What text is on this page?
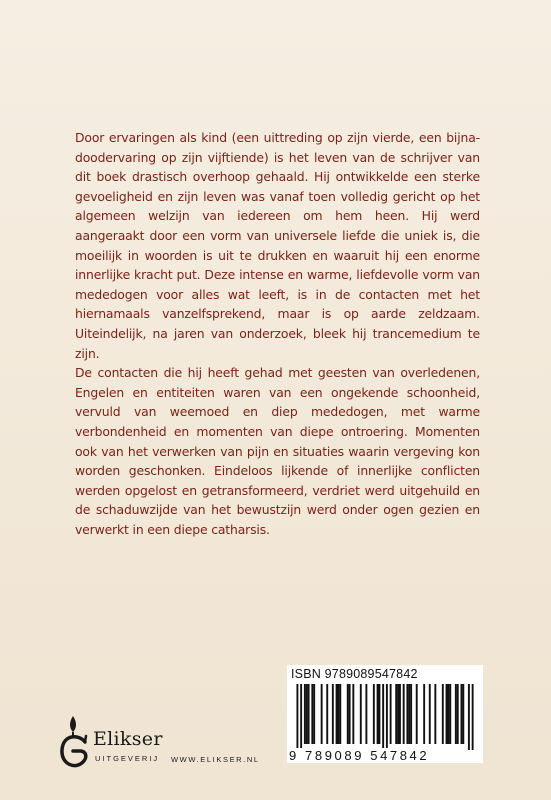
Door ervaringen als kind (een uittreding op zijn vierde, een bijna-doodervaring op zijn vijftiende) is het leven van de schrijver van dit boek drastisch overhoop gehaald. Hij ontwikkelde een sterke gevoeligheid en zijn leven was vanaf toen volledig gericht op het algemeen welzijn van iedereen om hem heen. Hij werd aangeraakt door een vorm van universele liefde die uniek is, die moeilijk in woorden is uit te drukken en waaruit hij een enorme innerlijke kracht put. Deze intense en warme, liefdevolle vorm van mededogen voor alles wat leeft, is in de contacten met het hiernamaals vanzelfsprekend, maar is op aarde zeldzaam. Uiteindelijk, na jaren van onderzoek, bleek hij trancemedium te zijn.

De contacten die hij heeft gehad met geesten van overledenen, Engelen en entiteiten waren van een ongekende schoonheid, vervuld van weemoed en diep mededogen, met warme verbondenheid en momenten van diepe ontroering. Momenten ook van het verwerken van pijn en situaties waarin vergeving kon worden geschonken. Eindeloos lijkende of innerlijke conflicten werden opgelost en getransformeerd, verdriet werd uitgehuild en de schaduwzijde van het bewustzijn werd onder ogen gezien en verwerkt in een diepe catharsis.

ISBN 9789089547842
9 789089 547842
Elikser
UITGEVERIJ WWW.ELIKSER.NL
